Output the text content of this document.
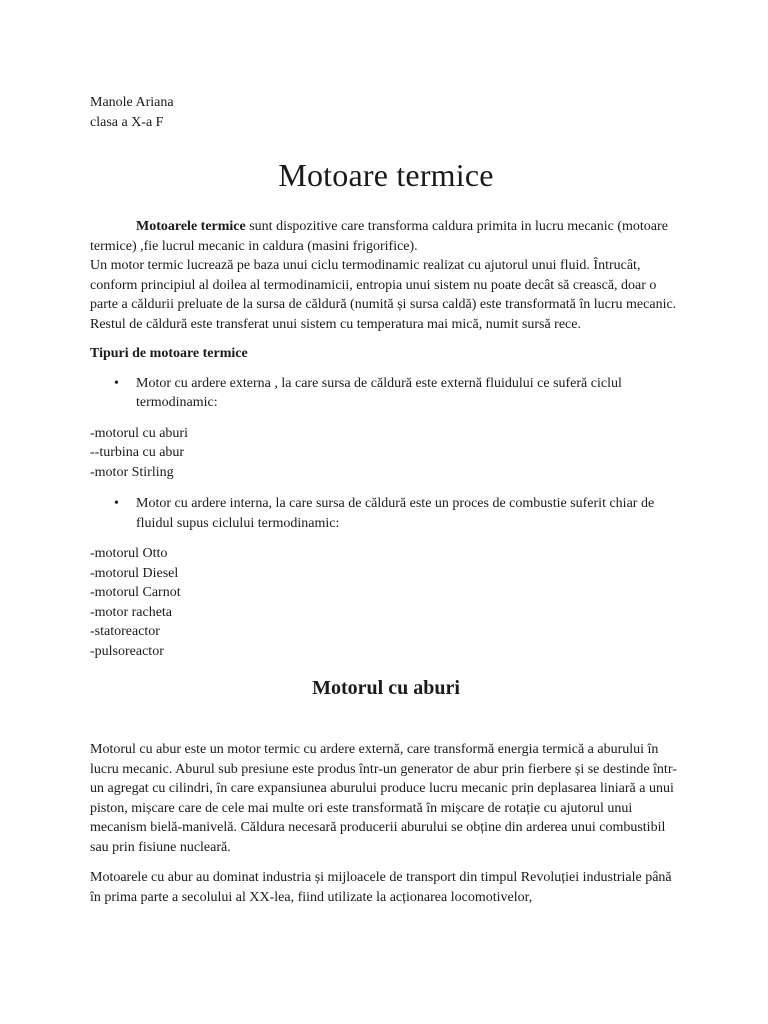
Manole Ariana

clasa a X-a F

Motoare termice
Motoarele termice sunt dispozitive care transforma caldura primita in lucru mecanic (motoare termice) ,fie lucrul mecanic in caldura (masini frigorifice).
Un motor termic lucrează pe baza unui ciclu termodinamic realizat cu ajutorul unui fluid. Întrucât, conform principiul al doilea al termodinamicii, entropia unui sistem nu poate decât să crească, doar o parte a căldurii preluate de la sursa de căldură (numită și sursa caldă) este transformată în lucru mecanic. Restul de căldură este transferat unui sistem cu temperatura mai mică, numit sursă rece.

Tipuri de motoare termice

• Motor cu ardere externa , la care sursa de căldură este externă fluidului ce suferă ciclul termodinamic:
-motorul cu aburi
--turbina cu abur
-motor Stirling
• Motor cu ardere interna, la care sursa de căldură este un proces de combustie suferit chiar de fluidul supus ciclului termodinamic:
-motorul Otto
-motorul Diesel
-motorul Carnot
-motor racheta
-statoreactor
-pulsoreactor
Motorul cu aburi

Motorul cu abur este un motor termic cu ardere externă, care transformă energia termică a aburului în lucru mecanic. Aburul sub presiune este produs într-un generator de abur prin fierbere și se destinde într-un agregat cu cilindri, în care expansiunea aburului produce lucru mecanic prin deplasarea liniară a unui piston, mișcare care de cele mai multe ori este transformată în mișcare de rotație cu ajutorul unui mecanism bielă-manivelă. Căldura necesară producerii aburului se obține din arderea unui combustibil sau prin fisiune nucleară.

Motoarele cu abur au dominat industria și mijloacele de transport din timpul Revoluției industriale până în prima parte a secolului al XX-lea, fiind utilizate la acționarea locomotivelor,
